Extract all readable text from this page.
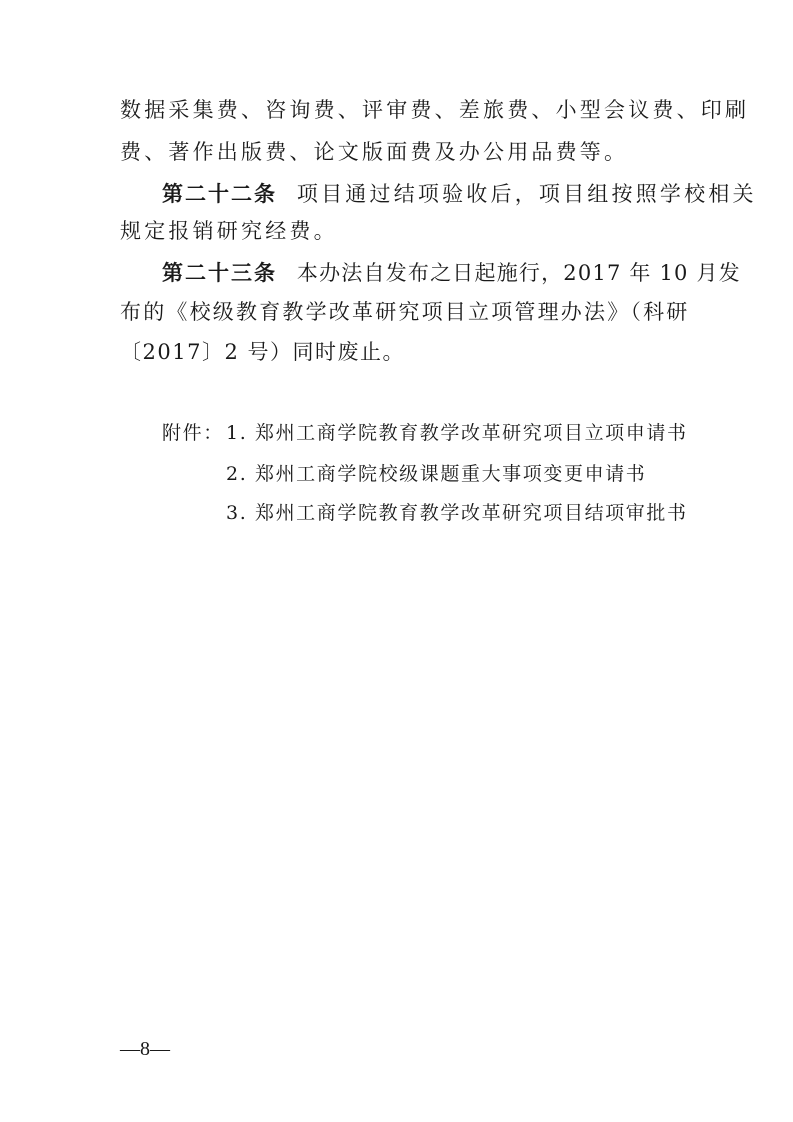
数据采集费、咨询费、评审费、差旅费、小型会议费、印刷
费、著作出版费、论文版面费及办公用品费等。
第二十二条 项目通过结项验收后，项目组按照学校相关
规定报销研究经费。
第二十三条 本办法自发布之日起施行，2017 年 10 月发
布的《校级教育教学改革研究项目立项管理办法》（科研
〔2017〕2 号）同时废止。
附件： 1. 郑州工商学院教育教学改革研究项目立项申请书
2. 郑州工商学院校级课题重大事项变更申请书
3. 郑州工商学院教育教学改革研究项目结项审批书
—8—
